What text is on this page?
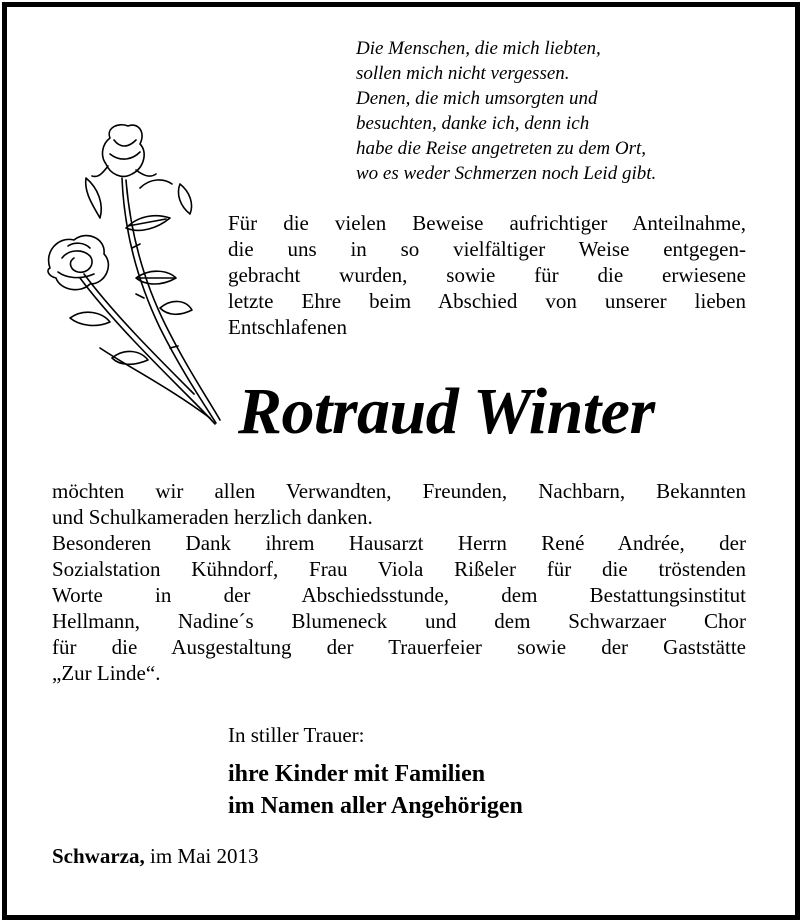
Die Menschen, die mich liebten,
sollen mich nicht vergessen.
Denen, die mich umsorgten und
besuchten, danke ich, denn ich
habe die Reise angetreten zu dem Ort,
wo es weder Schmerzen noch Leid gibt.
Für die vielen Beweise aufrichtiger Anteilnahme,
die uns in so vielfältiger Weise entgegen-
gebracht wurden, sowie für die erwiesene
letzte Ehre beim Abschied von unserer lieben
Entschlafenen
Rotraud Winter
möchten wir allen Verwandten, Freunden, Nachbarn, Bekannten
und Schulkameraden herzlich danken.
Besonderen Dank ihrem Hausarzt Herrn René Andrée, der
Sozialstation Kühndorf, Frau Viola Rißeler für die tröstenden
Worte in der Abschiedsstunde, dem Bestattungsinstitut
Hellmann, Nadine´s Blumeneck und dem Schwarzaer Chor
für die Ausgestaltung der Trauerfeier sowie der Gaststätte
„Zur Linde“.
In stiller Trauer:
ihre Kinder mit Familien
im Namen aller Angehörigen
Schwarza, im Mai 2013
